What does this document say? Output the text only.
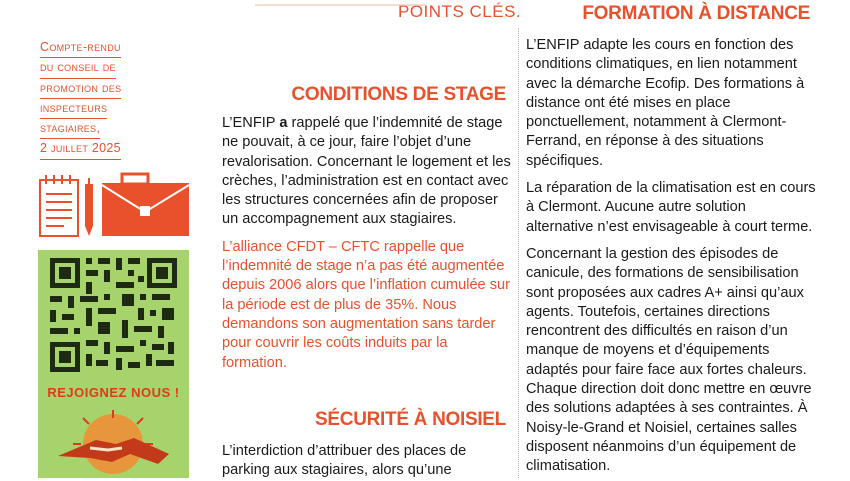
POINTS CLÉS.
Compte-rendu
du conseil de
promotion des
inspecteurs
stagiaires,
2 juillet 2025
REJOIGNEZ NOUS !
CONDITIONS DE STAGE

L’ENFIP a rappelé que l’indemnité de stage ne pouvait, à ce jour, faire l’objet d’une revalorisation. Concernant le logement et les crèches, l’administration est en contact avec les structures concernées afin de proposer un accompagnement aux stagiaires.

L’alliance CFDT – CFTC rappelle que l’indemnité de stage n’a pas été augmentée depuis 2006 alors que l’inflation cumulée sur la période est de plus de 35%. Nous demandons son augmentation sans tarder pour couvrir les coûts induits par la formation.

SÉCURITÉ À NOISIEL

L’interdiction d’attribuer des places de parking aux stagiaires, alors qu’une

FORMATION À DISTANCE

L’ENFIP adapte les cours en fonction des conditions climatiques, en lien notamment avec la démarche Ecofip. Des formations à distance ont été mises en place ponctuellement, notamment à Clermont-Ferrand, en réponse à des situations spécifiques.

La réparation de la climatisation est en cours à Clermont. Aucune autre solution alternative n’est envisageable à court terme.

Concernant la gestion des épisodes de canicule, des formations de sensibilisation sont proposées aux cadres A+ ainsi qu’aux agents. Toutefois, certaines directions rencontrent des difficultés en raison d’un manque de moyens et d’équipements adaptés pour faire face aux fortes chaleurs. Chaque direction doit donc mettre en œuvre des solutions adaptées à ses contraintes. À Noisy-le-Grand et Noisiel, certaines salles disposent néanmoins d’un équipement de climatisation.
